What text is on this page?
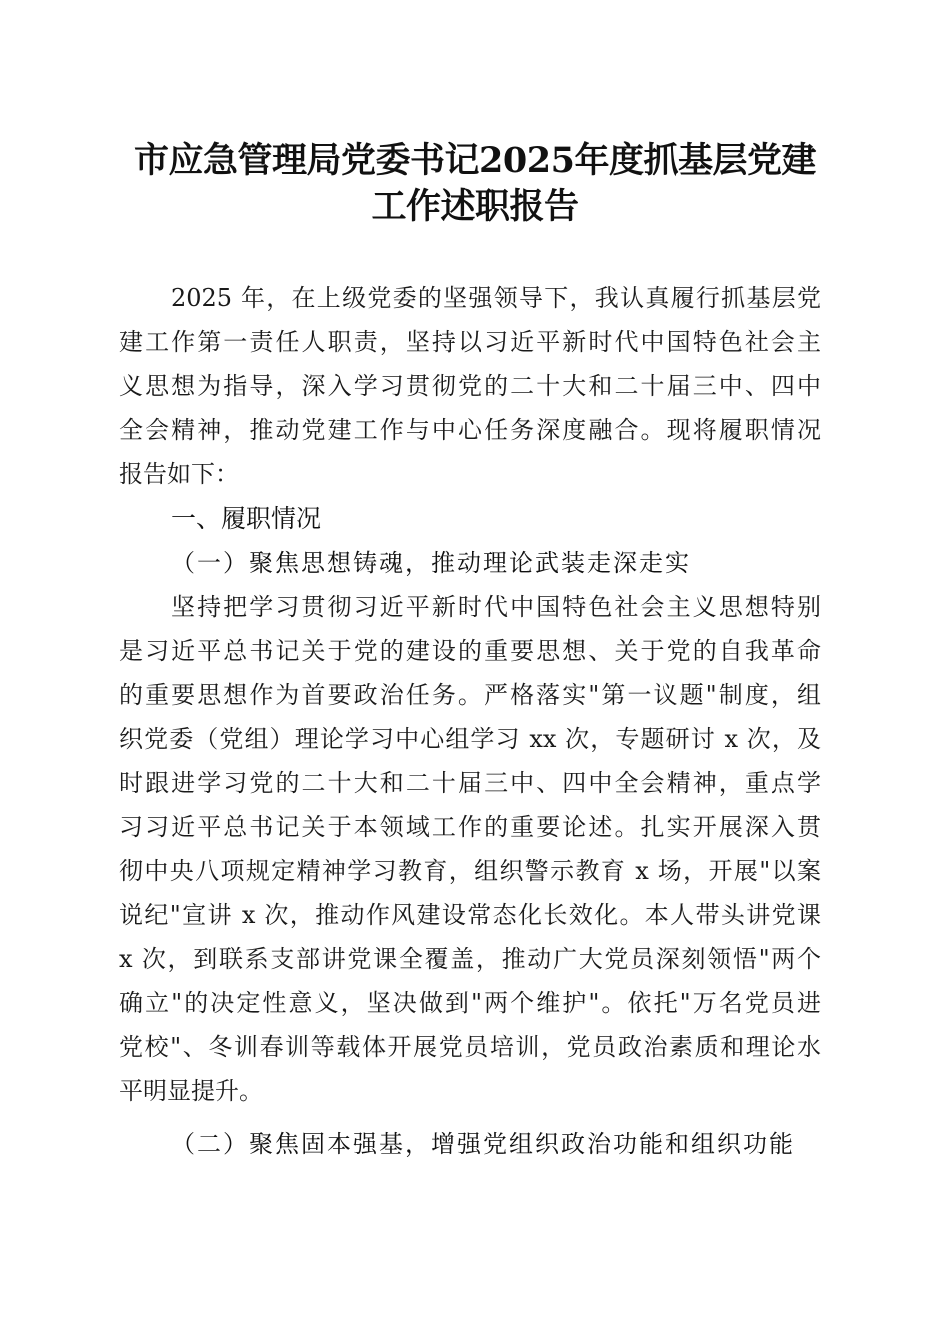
市应急管理局党委书记2025年度抓基层党建
工作述职报告
2025 年，在上级党委的坚强领导下，我认真履行抓基层党
建工作第一责任人职责，坚持以习近平新时代中国特色社会主
义思想为指导，深入学习贯彻党的二十大和二十届三中、四中
全会精神，推动党建工作与中心任务深度融合。现将履职情况
报告如下：
一、履职情况
（一）聚焦思想铸魂，推动理论武装走深走实
坚持把学习贯彻习近平新时代中国特色社会主义思想特别
是习近平总书记关于党的建设的重要思想、关于党的自我革命
的重要思想作为首要政治任务。严格落实"第一议题"制度，组
织党委（党组）理论学习中心组学习 xx 次，专题研讨 x 次，及
时跟进学习党的二十大和二十届三中、四中全会精神，重点学
习习近平总书记关于本领域工作的重要论述。扎实开展深入贯
彻中央八项规定精神学习教育，组织警示教育 x 场，开展"以案
说纪"宣讲 x 次，推动作风建设常态化长效化。本人带头讲党课
x 次，到联系支部讲党课全覆盖，推动广大党员深刻领悟"两个
确立"的决定性意义，坚决做到"两个维护"。依托"万名党员进
党校"、冬训春训等载体开展党员培训，党员政治素质和理论水
平明显提升。
（二）聚焦固本强基，增强党组织政治功能和组织功能
